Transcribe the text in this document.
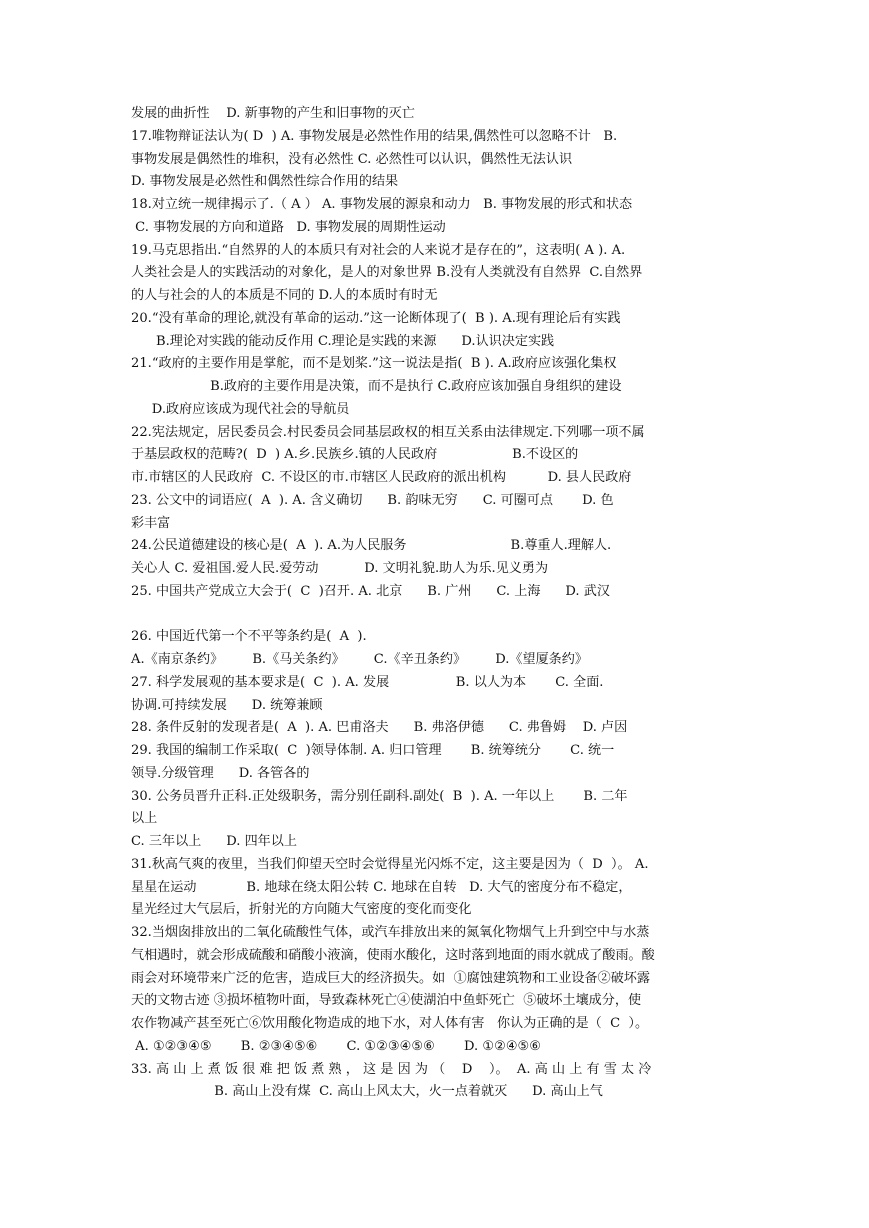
发展的曲折性    D. 新事物的产生和旧事物的灭亡
17.唯物辩证法认为( D  ) A. 事物发展是必然性作用的结果,偶然性可以忽略不计   B.
事物发展是偶然性的堆积，没有必然性 C. 必然性可以认识，偶然性无法认识
D. 事物发展是必然性和偶然性综合作用的结果
18.对立统一规律揭示了.（ A ） A. 事物发展的源泉和动力   B. 事物发展的形式和状态
C. 事物发展的方向和道路   D. 事物发展的周期性运动
19.马克思指出.“自然界的人的本质只有对社会的人来说才是存在的”，这表明( A ). A.
人类社会是人的实践活动的对象化，是人的对象世界 B.没有人类就没有自然界  C.自然界
的人与社会的人的本质是不同的 D.人的本质时有时无
20.“没有革命的理论,就没有革命的运动.”这一论断体现了(  B ). A.现有理论后有实践
B.理论对实践的能动反作用 C.理论是实践的来源      D.认识决定实践
21.“政府的主要作用是掌舵，而不是划桨.”这一说法是指(  B ). A.政府应该强化集权
B.政府的主要作用是决策，而不是执行 C.政府应该加强自身组织的建设
D.政府应该成为现代社会的导航员
22.宪法规定，居民委员会.村民委员会同基层政权的相互关系由法律规定.下列哪一项不属
于基层政权的范畴?(  D  ) A.乡.民族乡.镇的人民政府                  B.不设区的
市.市辖区的人民政府  C. 不设区的市.市辖区人民政府的派出机构          D. 县人民政府
23. 公文中的词语应(  A  ). A. 含义确切      B. 韵味无穷      C. 可圈可点       D. 色
彩丰富
24.公民道德建设的核心是(  A  ). A.为人民服务                         B.尊重人.理解人.
关心人 C. 爱祖国.爱人民.爱劳动           D. 文明礼貌.助人为乐.见义勇为
25. 中国共产党成立大会于(  C  )召开. A. 北京      B. 广州      C. 上海      D. 武汉
26. 中国近代第一个不平等条约是(  A  ).
A.《南京条约》       B.《马关条约》       C.《辛丑条约》       D.《望厦条约》
27. 科学发展观的基本要求是(  C  ). A. 发展                B. 以人为本       C. 全面.
协调.可持续发展      D. 统筹兼顾
28. 条件反射的发现者是(  A  ). A. 巴甫洛夫      B. 弗洛伊德      C. 弗鲁姆    D. 卢因
29. 我国的编制工作采取(  C  )领导体制. A. 归口管理       B. 统筹统分       C. 统一
领导.分级管理      D. 各管各的
30. 公务员晋升正科.正处级职务，需分别任副科.副处(  B  ). A. 一年以上       B. 二年
以上
C. 三年以上      D. 四年以上
31.秋高气爽的夜里，当我们仰望天空时会觉得星光闪烁不定，这主要是因为（  D  ）。 A.
星星在运动            B. 地球在绕太阳公转 C. 地球在自转   D. 大气的密度分布不稳定，
星光经过大气层后，折射光的方向随大气密度的变化而变化
32.当烟囱排放出的二氧化硫酸性气体，或汽车排放出来的氮氧化物烟气上升到空中与水蒸
气相遇时，就会形成硫酸和硝酸小液滴，使雨水酸化，这时落到地面的雨水就成了酸雨。酸
雨会对环境带来广泛的危害，造成巨大的经济损失。如  ①腐蚀建筑物和工业设备②破坏露
天的文物古迹 ③损坏植物叶面，导致森林死亡④使湖泊中鱼虾死亡  ⑤破坏土壤成分，使
农作物减产甚至死亡⑥饮用酸化物造成的地下水，对人体有害   你认为正确的是（  C  ）。
A. ①②③④⑤       B. ②③④⑤⑥       C. ①②③④⑤⑥       D. ①②④⑤⑥
33. 高 山 上 煮 饭 很 难 把 饭 煮 熟 ， 这 是 因 为 （    D    ）。  A. 高 山 上 有 雪 太 冷
B. 高山上没有煤  C. 高山上风太大，火一点着就灭      D. 高山上气
